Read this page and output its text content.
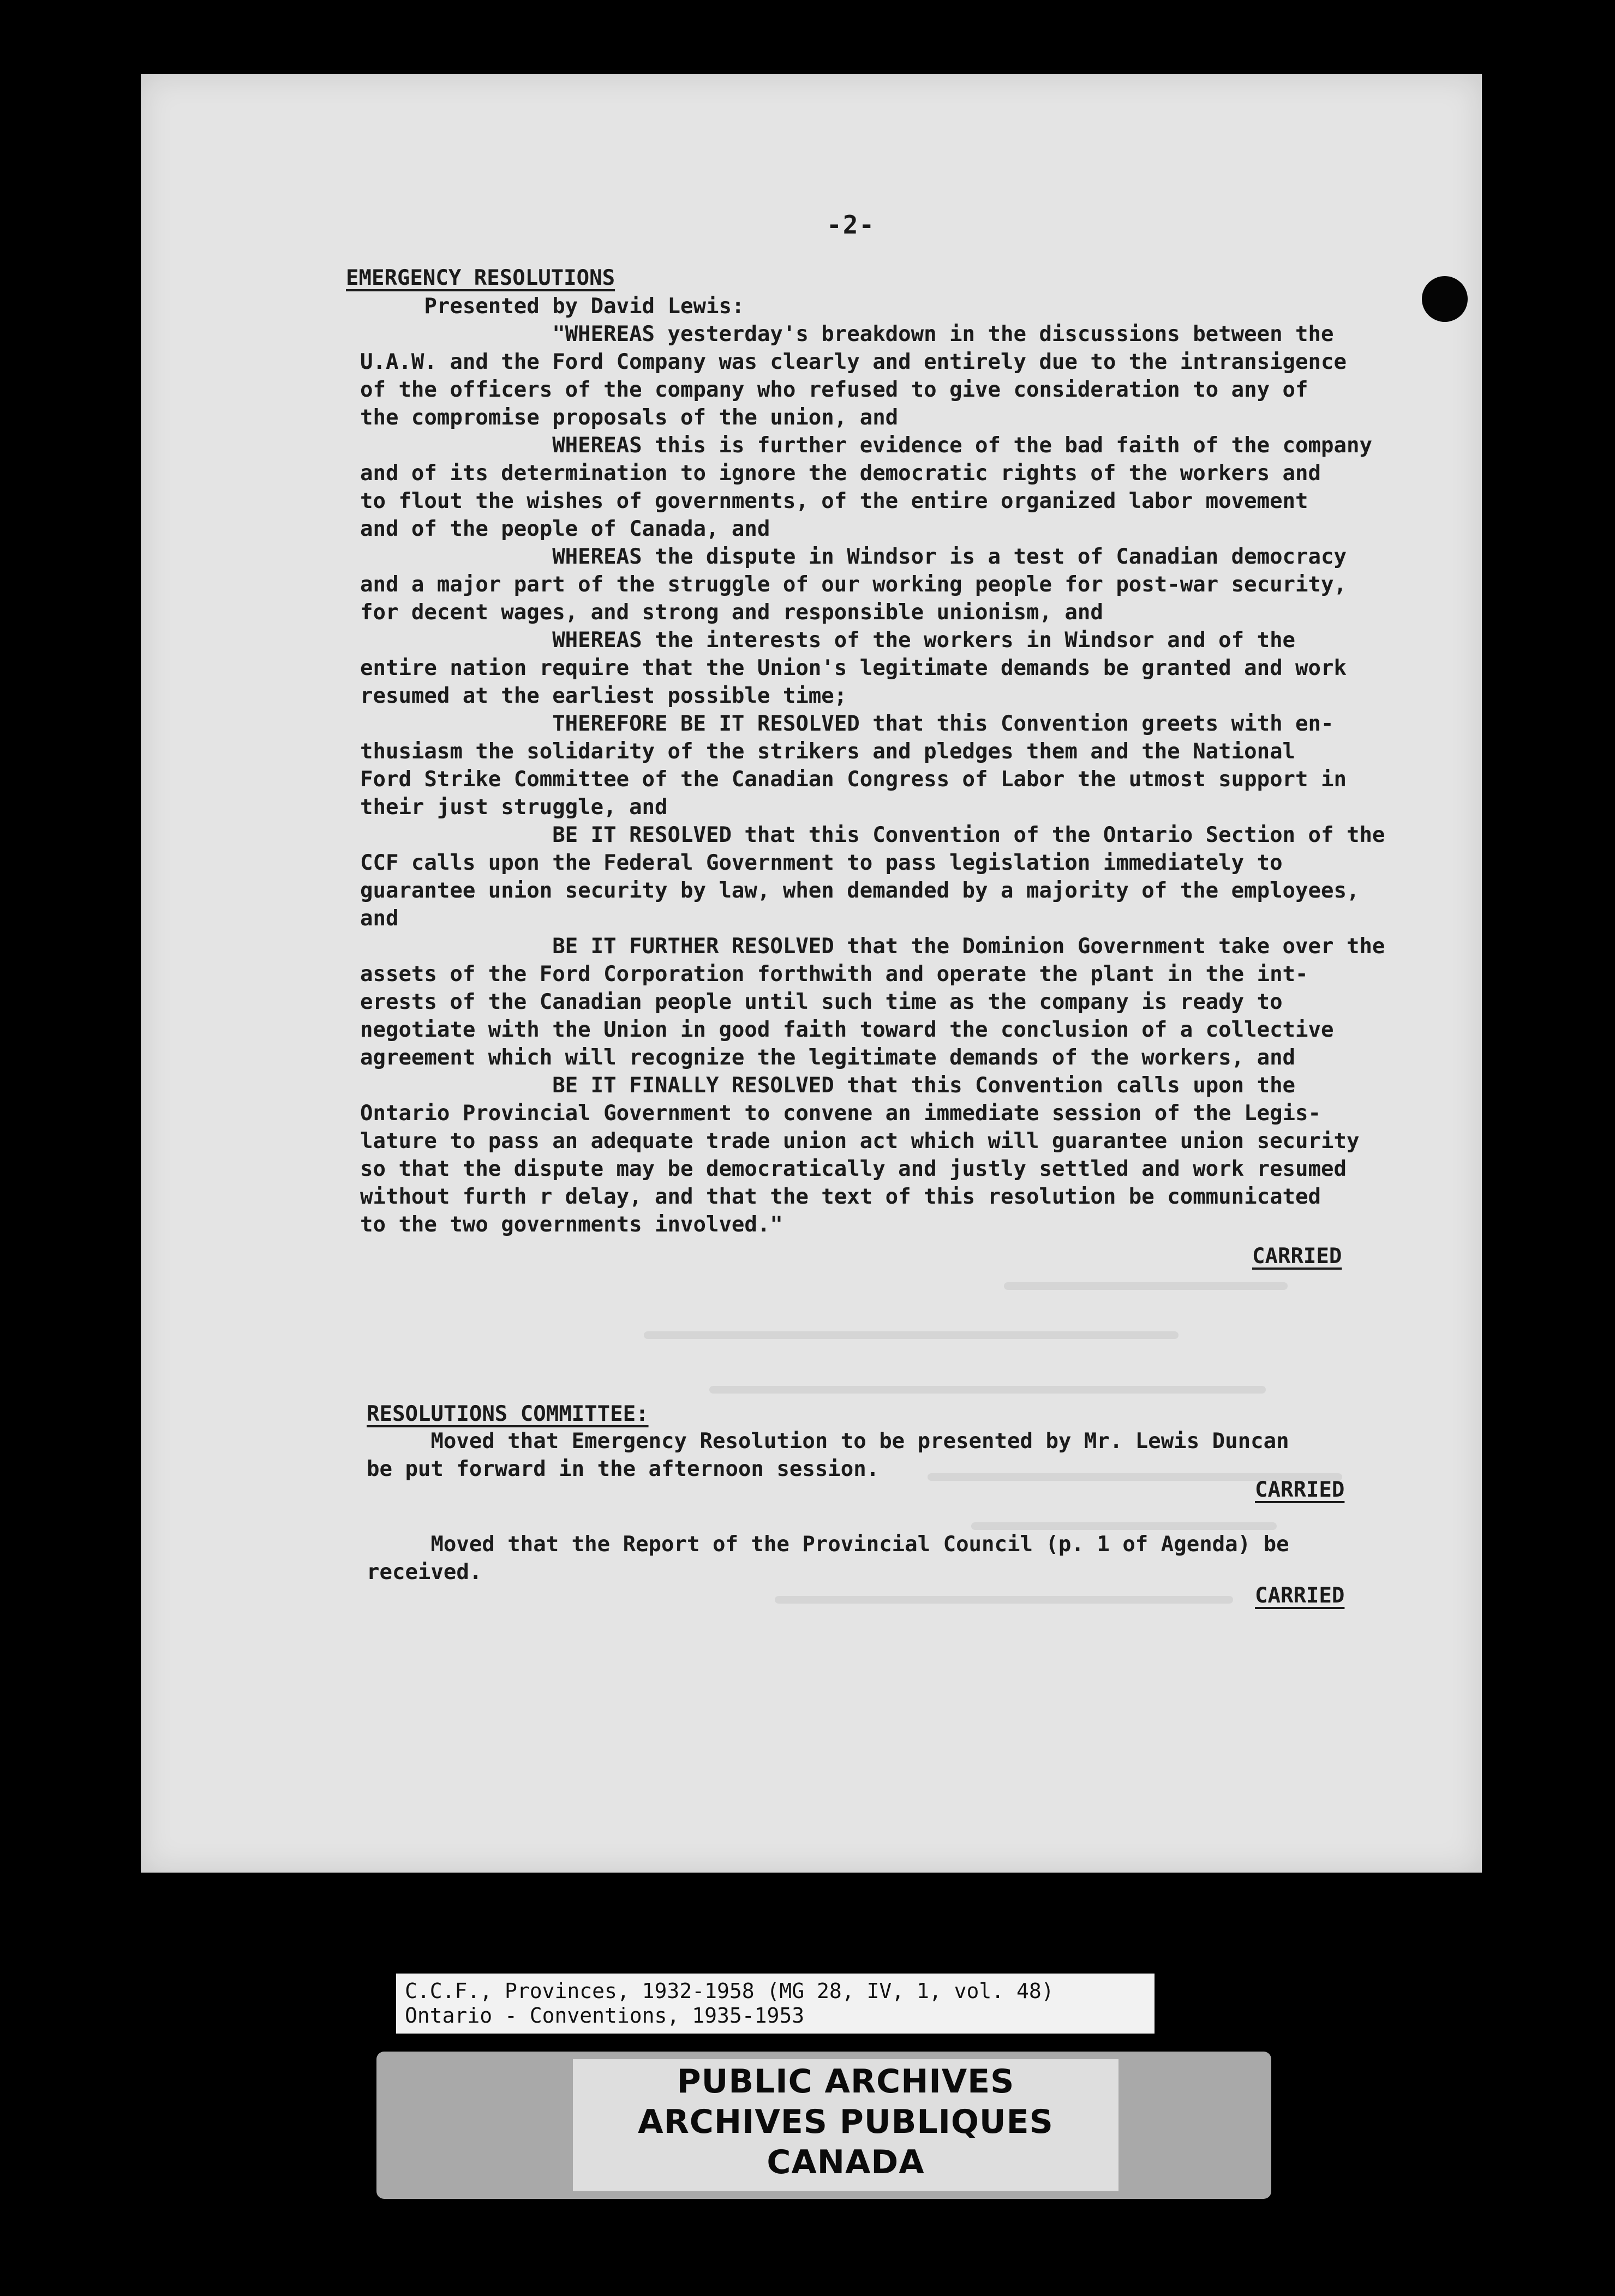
-2-
EMERGENCY RESOLUTIONS
Presented by David Lewis:
"WHEREAS yesterday's breakdown in the discussions between the
U.A.W. and the Ford Company was clearly and entirely due to the intransigence
of the officers of the company who refused to give consideration to any of
the compromise proposals of the union, and
WHEREAS this is further evidence of the bad faith of the company
and of its determination to ignore the democratic rights of the workers and
to flout the wishes of governments, of the entire organized labor movement
and of the people of Canada, and
WHEREAS the dispute in Windsor is a test of Canadian democracy
and a major part of the struggle of our working people for post-war security,
for decent wages, and strong and responsible unionism, and
WHEREAS the interests of the workers in Windsor and of the
entire nation require that the Union's legitimate demands be granted and work
resumed at the earliest possible time;
THEREFORE BE IT RESOLVED that this Convention greets with en-
thusiasm the solidarity of the strikers and pledges them and the National
Ford Strike Committee of the Canadian Congress of Labor the utmost support in
their just struggle, and
BE IT RESOLVED that this Convention of the Ontario Section of the
CCF calls upon the Federal Government to pass legislation immediately to
guarantee union security by law, when demanded by a majority of the employees,
and
BE IT FURTHER RESOLVED that the Dominion Government take over the
assets of the Ford Corporation forthwith and operate the plant in the int-
erests of the Canadian people until such time as the company is ready to
negotiate with the Union in good faith toward the conclusion of a collective
agreement which will recognize the legitimate demands of the workers, and
BE IT FINALLY RESOLVED that this Convention calls upon the
Ontario Provincial Government to convene an immediate session of the Legis-
lature to pass an adequate trade union act which will guarantee union security
so that the dispute may be democratically and justly settled and work resumed
without furth r delay, and that the text of this resolution be communicated
to the two governments involved."
CARRIED
RESOLUTIONS COMMITTEE:
Moved that Emergency Resolution to be presented by Mr. Lewis Duncan
be put forward in the afternoon session.
CARRIED
Moved that the Report of the Provincial Council (p. 1 of Agenda) be
received.
CARRIED
C.C.F., Provinces, 1932-1958 (MG 28, IV, 1, vol. 48)
Ontario - Conventions, 1935-1953
PUBLIC ARCHIVES
ARCHIVES PUBLIQUES
CANADA
